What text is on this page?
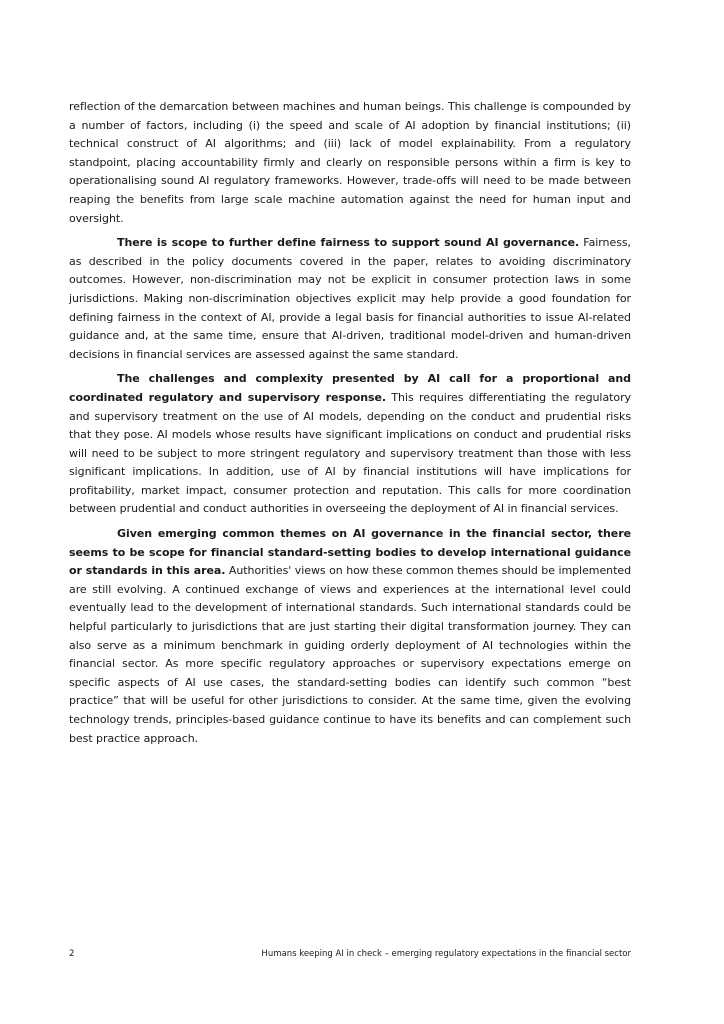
reflection of the demarcation between machines and human beings. This challenge is compounded by a number of factors, including (i) the speed and scale of AI adoption by financial institutions; (ii) technical construct of AI algorithms; and (iii) lack of model explainability. From a regulatory standpoint, placing accountability firmly and clearly on responsible persons within a firm is key to operationalising sound AI regulatory frameworks. However, trade-offs will need to be made between reaping the benefits from large scale machine automation against the need for human input and oversight.

There is scope to further define fairness to support sound AI governance. Fairness, as described in the policy documents covered in the paper, relates to avoiding discriminatory outcomes. However, non-discrimination may not be explicit in consumer protection laws in some jurisdictions. Making non-discrimination objectives explicit may help provide a good foundation for defining fairness in the context of AI, provide a legal basis for financial authorities to issue AI-related guidance and, at the same time, ensure that AI-driven, traditional model-driven and human-driven decisions in financial services are assessed against the same standard.

The challenges and complexity presented by AI call for a proportional and coordinated regulatory and supervisory response. This requires differentiating the regulatory and supervisory treatment on the use of AI models, depending on the conduct and prudential risks that they pose. AI models whose results have significant implications on conduct and prudential risks will need to be subject to more stringent regulatory and supervisory treatment than those with less significant implications. In addition, use of AI by financial institutions will have implications for profitability, market impact, consumer protection and reputation. This calls for more coordination between prudential and conduct authorities in overseeing the deployment of AI in financial services.

Given emerging common themes on AI governance in the financial sector, there seems to be scope for financial standard-setting bodies to develop international guidance or standards in this area. Authorities' views on how these common themes should be implemented are still evolving. A continued exchange of views and experiences at the international level could eventually lead to the development of international standards. Such international standards could be helpful particularly to jurisdictions that are just starting their digital transformation journey. They can also serve as a minimum benchmark in guiding orderly deployment of AI technologies within the financial sector. As more specific regulatory approaches or supervisory expectations emerge on specific aspects of AI use cases, the standard-setting bodies can identify such common “best practice” that will be useful for other jurisdictions to consider. At the same time, given the evolving technology trends, principles-based guidance continue to have its benefits and can complement such best practice approach.

2	Humans keeping AI in check – emerging regulatory expectations in the financial sector
